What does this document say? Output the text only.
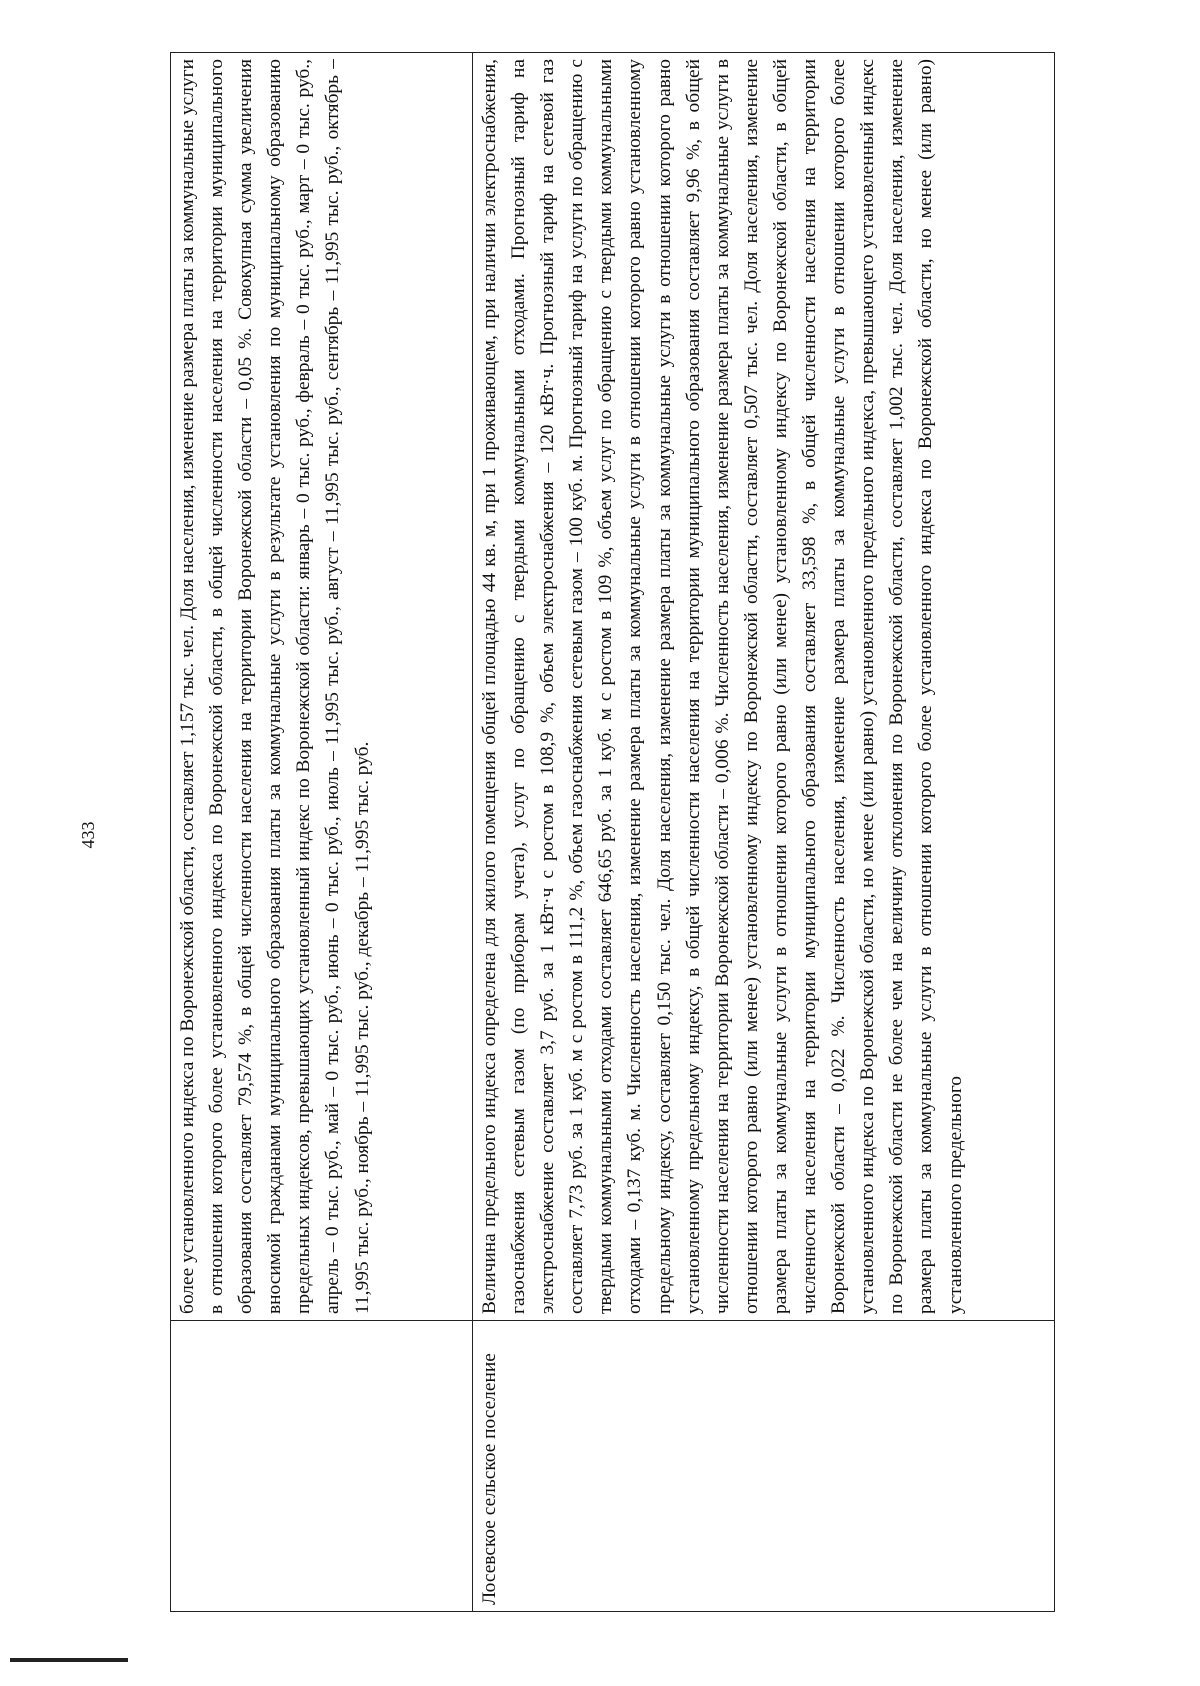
433
		более установленного индекса по Воронежской области, составляет 1,157 тыс. чел. Доля населения, изменение размера платы за коммунальные услуги в отношении которого более установленного индекса по Воронежской области, в общей численности населения на территории муниципального образования составляет 79,574 %, в общей численности населения на территории Воронежской области – 0,05 %. Совокупная сумма увеличения вносимой гражданами муниципального образования платы за коммунальные услуги в результате установления по муниципальному образованию предельных индексов, превышающих установленный индекс по Воронежской области: январь – 0 тыс. руб., февраль – 0 тыс. руб., март – 0 тыс. руб., апрель – 0 тыс. руб., май – 0 тыс. руб., июнь – 0 тыс. руб., июль – 11,995 тыс. руб., август – 11,995 тыс. руб., сентябрь – 11,995 тыс. руб., октябрь – 11,995 тыс. руб., ноябрь – 11,995 тыс. руб., декабрь – 11,995 тыс. руб.
Лосевское сельское поселение	Величина предельного индекса определена для жилого помещения общей площадью 44 кв. м, при 1 проживающем, при наличии электроснабжения, газоснабжения сетевым газом (по приборам учета), услуг по обращению с твердыми коммунальными отходами. Прогнозный тариф на электроснабжение составляет 3,7 руб. за 1 кВт·ч с ростом в 108,9 %, объем электроснабжения – 120 кВт·ч. Прогнозный тариф на сетевой газ составляет 7,73 руб. за 1 куб. м с ростом в 111,2 %, объем газоснабжения сетевым газом – 100 куб. м. Прогнозный тариф на услуги по обращению с твердыми коммунальными отходами составляет 646,65 руб. за 1 куб. м с ростом в 109 %, объем услуг по обращению с твердыми коммунальными отходами – 0,137 куб. м. Численность населения, изменение размера платы за коммунальные услуги в отношении которого равно установленному предельному индексу, составляет 0,150 тыс. чел. Доля населения, изменение размера платы за коммунальные услуги в отношении которого равно установленному предельному индексу, в общей численности населения на территории муниципального образования составляет 9,96 %, в общей численности населения на территории Воронежской области – 0,006 %. Численность населения, изменение размера платы за коммунальные услуги в отношении которого равно (или менее) установленному индексу по Воронежской области, составляет 0,507 тыс. чел. Доля населения, изменение размера платы за коммунальные услуги в отношении которого равно (или менее) установленному индексу по Воронежской области, в общей численности населения на территории муниципального образования составляет 33,598 %, в общей численности населения на территории Воронежской области – 0,022 %. Численность населения, изменение размера платы за коммунальные услуги в отношении которого более установленного индекса по Воронежской области, но менее (или равно) установленного предельного индекса, превышающего установленный индекс по Воронежской области не более чем на величину отклонения по Воронежской области, составляет 1,002 тыс. чел. Доля населения, изменение размера платы за коммунальные услуги в отношении которого более установленного индекса по Воронежской области, но менее (или равно) установленного предельного
